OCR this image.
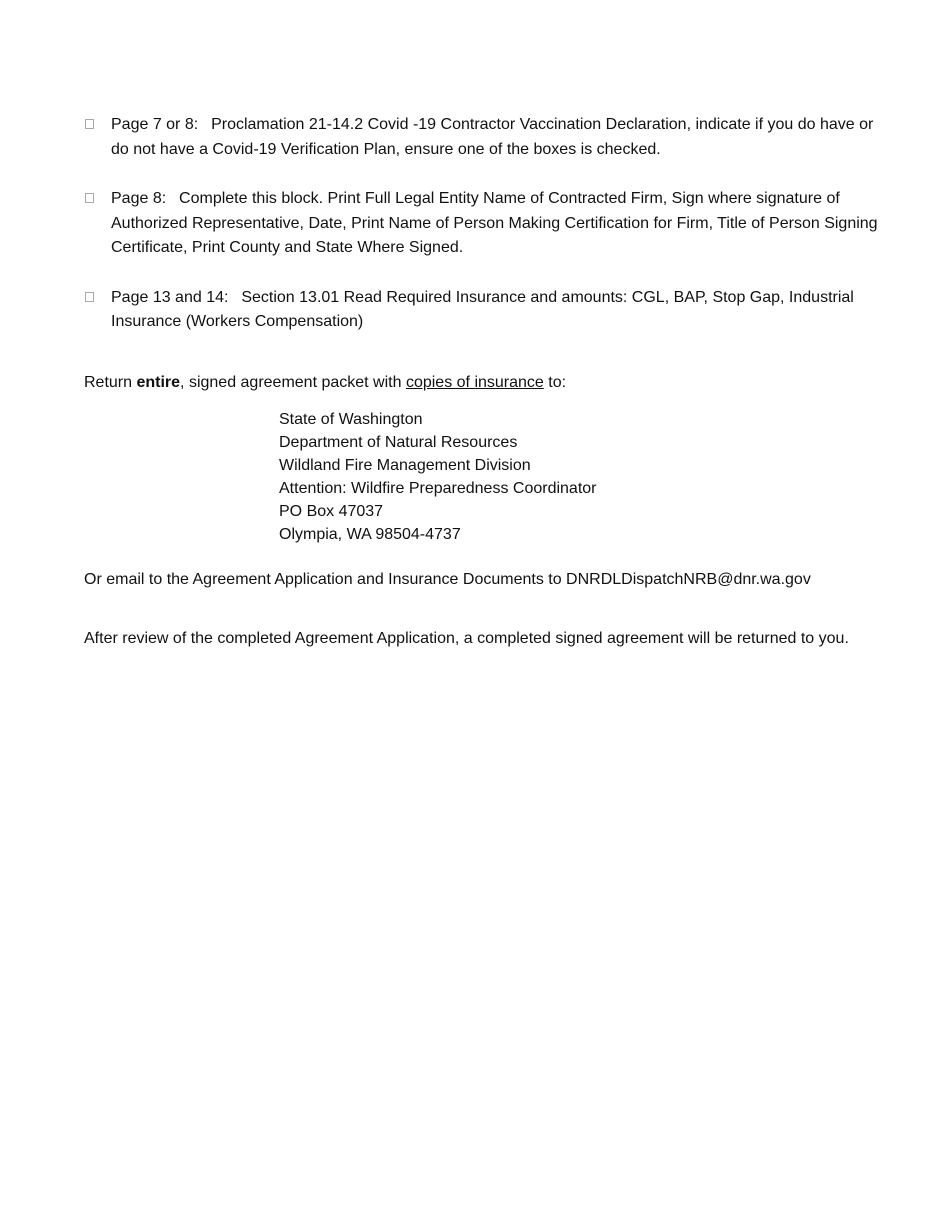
Page 7 or 8: Proclamation 21-14.2 Covid -19 Contractor Vaccination Declaration, indicate if you do have or do not have a Covid-19 Verification Plan, ensure one of the boxes is checked.
Page 8: Complete this block. Print Full Legal Entity Name of Contracted Firm, Sign where signature of Authorized Representative, Date, Print Name of Person Making Certification for Firm, Title of Person Signing Certificate, Print County and State Where Signed.
Page 13 and 14: Section 13.01 Read Required Insurance and amounts: CGL, BAP, Stop Gap, Industrial Insurance (Workers Compensation)
Return entire, signed agreement packet with copies of insurance to:
State of Washington
Department of Natural Resources
Wildland Fire Management Division
Attention: Wildfire Preparedness Coordinator
PO Box 47037
Olympia, WA 98504-4737
Or email to the Agreement Application and Insurance Documents to DNRDLDispatchNRB@dnr.wa.gov
After review of the completed Agreement Application, a completed signed agreement will be returned to you.
